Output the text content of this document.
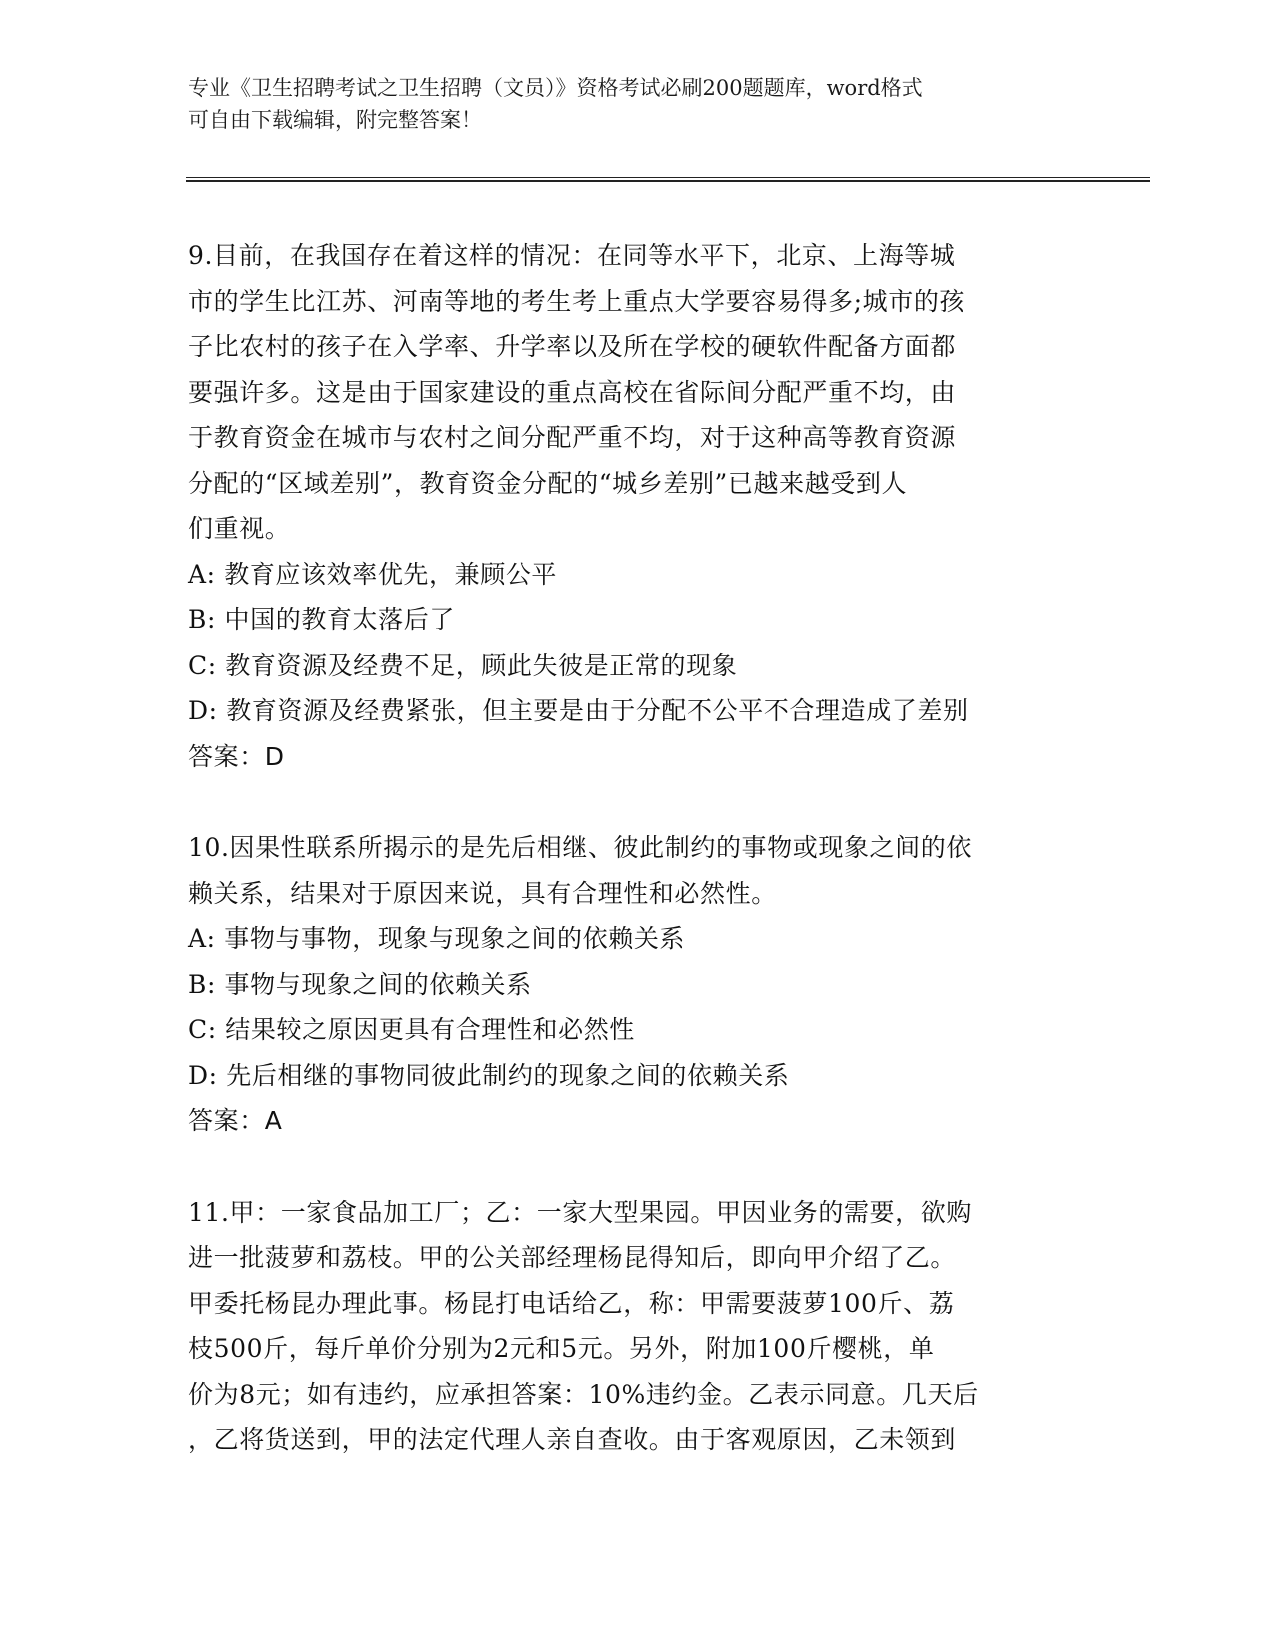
专业《卫生招聘考试之卫生招聘（文员）》资格考试必刷200题题库，word格式
可自由下载编辑，附完整答案！
9.目前，在我国存在着这样的情况：在同等水平下，北京、上海等城
市的学生比江苏、河南等地的考生考上重点大学要容易得多;城市的孩
子比农村的孩子在入学率、升学率以及所在学校的硬软件配备方面都
要强许多。这是由于国家建设的重点高校在省际间分配严重不均，由
于教育资金在城市与农村之间分配严重不均，对于这种高等教育资源
分配的“区域差别”，教育资金分配的“城乡差别”已越来越受到人
们重视。
A: 教育应该效率优先，兼顾公平
B: 中国的教育太落后了
C: 教育资源及经费不足，顾此失彼是正常的现象
D: 教育资源及经费紧张，但主要是由于分配不公平不合理造成了差别
答案：D
10.因果性联系所揭示的是先后相继、彼此制约的事物或现象之间的依
赖关系，结果对于原因来说，具有合理性和必然性。
A: 事物与事物，现象与现象之间的依赖关系
B: 事物与现象之间的依赖关系
C: 结果较之原因更具有合理性和必然性
D: 先后相继的事物同彼此制约的现象之间的依赖关系
答案：A
11.甲：一家食品加工厂；乙：一家大型果园。甲因业务的需要，欲购
进一批菠萝和荔枝。甲的公关部经理杨昆得知后，即向甲介绍了乙。
甲委托杨昆办理此事。杨昆打电话给乙，称：甲需要菠萝100斤、荔
枝500斤，每斤单价分别为2元和5元。另外，附加100斤樱桃，单
价为8元；如有违约，应承担答案：10%违约金。乙表示同意。几天后
，乙将货送到，甲的法定代理人亲自查收。由于客观原因，乙未领到
